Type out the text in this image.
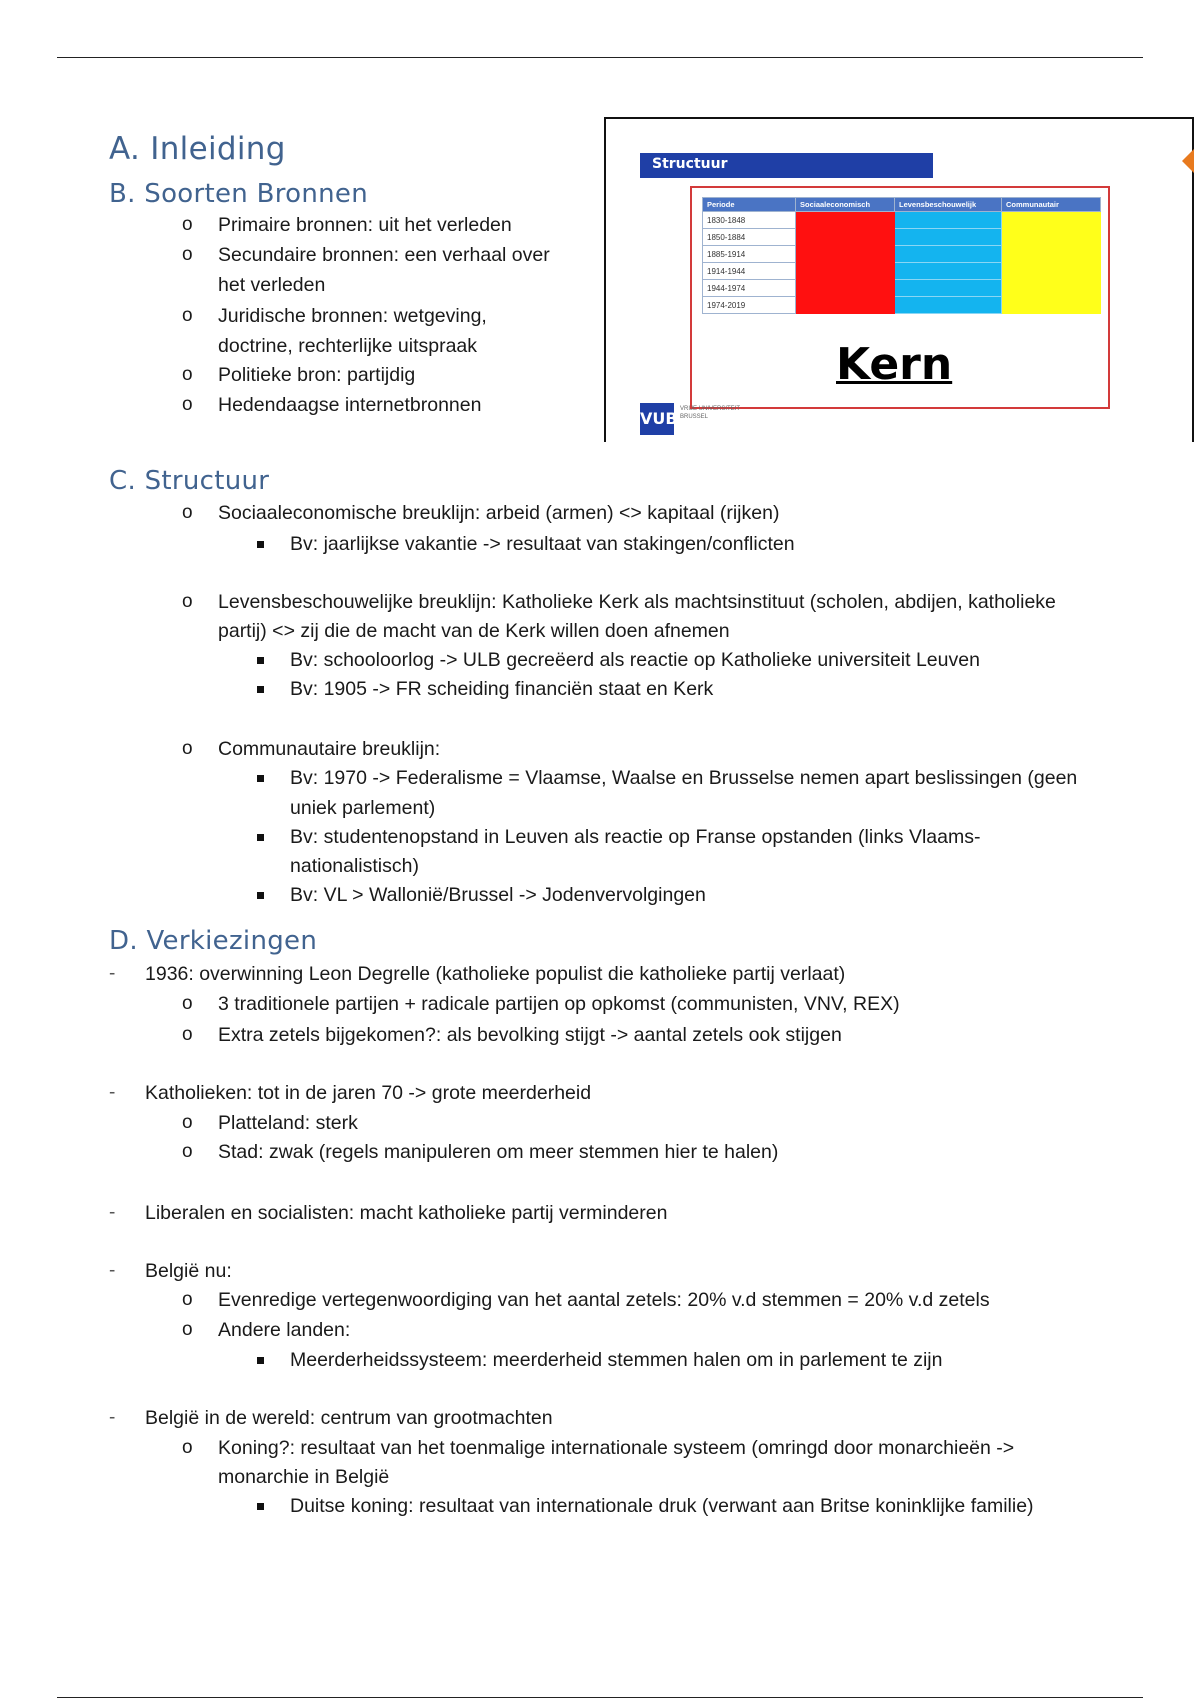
A. Inleiding
B. Soorten Bronnen
o Primaire bronnen: uit het verleden
o Secundaire bronnen: een verhaal over
het verleden
o Juridische bronnen: wetgeving,
doctrine, rechterlijke uitspraak
o Politieke bron: partijdig
o Hedendaagse internetbronnen
Structuur
Periode	Sociaaleconomisch	Levensbeschouwelijk	Communautair
1830-1848			
1850-1884			
1885-1914			
1914-1944			
1944-1974			
1974-2019			
Kern
VUB VRIJE UNIVERSITEIT BRUSSEL
C. Structuur
o Sociaaleconomische breuklijn: arbeid (armen) <> kapitaal (rijken)
Bv: jaarlijkse vakantie -> resultaat van stakingen/conflicten
o Levensbeschouwelijke breuklijn: Katholieke Kerk als machtsinstituut (scholen, abdijen, katholieke
partij) <> zij die de macht van de Kerk willen doen afnemen
Bv: schooloorlog -> ULB gecreëerd als reactie op Katholieke universiteit Leuven
Bv: 1905 -> FR scheiding financiën staat en Kerk
o Communautaire breuklijn:
Bv: 1970 -> Federalisme = Vlaamse, Waalse en Brusselse nemen apart beslissingen (geen
uniek parlement)
Bv: studentenopstand in Leuven als reactie op Franse opstanden (links Vlaams-
nationalistisch)
Bv: VL > Wallonië/Brussel -> Jodenvervolgingen
D. Verkiezingen
- 1936: overwinning Leon Degrelle (katholieke populist die katholieke partij verlaat)
o 3 traditionele partijen + radicale partijen op opkomst (communisten, VNV, REX)
o Extra zetels bijgekomen?: als bevolking stijgt -> aantal zetels ook stijgen
- Katholieken: tot in de jaren 70 -> grote meerderheid
o Platteland: sterk
o Stad: zwak (regels manipuleren om meer stemmen hier te halen)
- Liberalen en socialisten: macht katholieke partij verminderen
- België nu:
o Evenredige vertegenwoordiging van het aantal zetels: 20% v.d stemmen = 20% v.d zetels
o Andere landen:
Meerderheidssysteem: meerderheid stemmen halen om in parlement te zijn
- België in de wereld: centrum van grootmachten
o Koning?: resultaat van het toenmalige internationale systeem (omringd door monarchieën ->
monarchie in België
Duitse koning: resultaat van internationale druk (verwant aan Britse koninklijke familie)
